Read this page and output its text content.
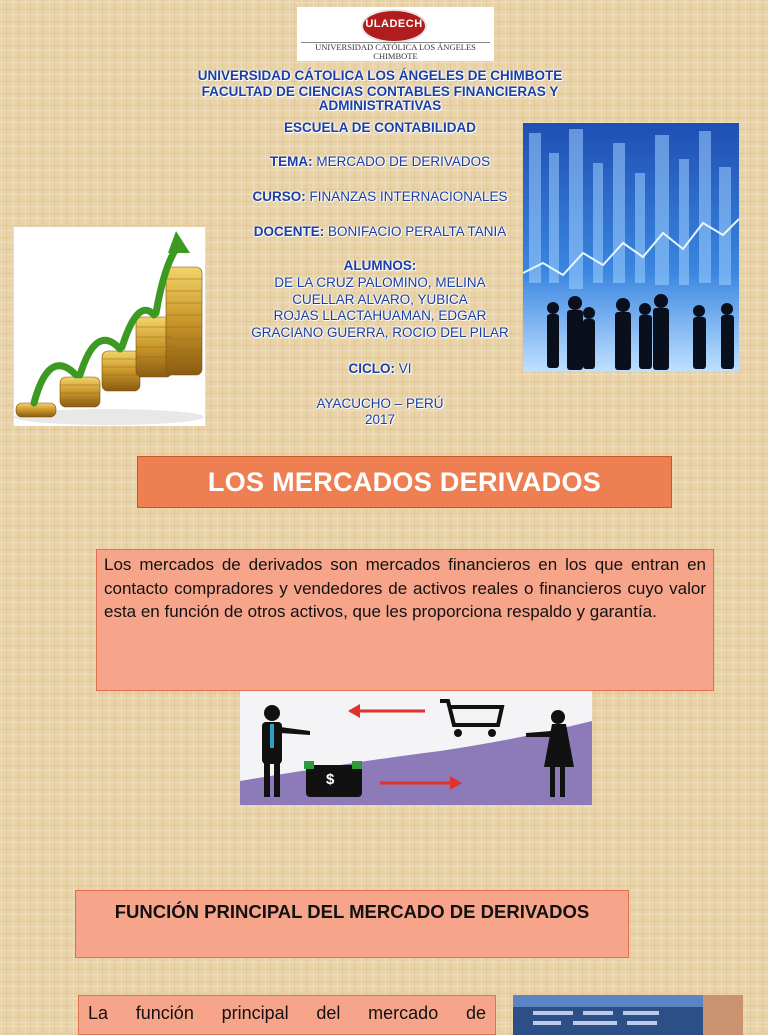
ULADECH
UNIVERSIDAD CATÓLICA LOS ÁNGELES
CHIMBOTE
UNIVERSIDAD CÁTOLICA LOS ÁNGELES DE CHIMBOTE
FACULTAD DE CIENCIAS CONTABLES FINANCIERAS Y ADMINISTRATIVAS
ESCUELA DE CONTABILIDAD
TEMA: MERCADO DE DERIVADOS
CURSO: FINANZAS INTERNACIONALES
DOCENTE: BONIFACIO PERALTA TANIA
ALUMNOS:
DE LA CRUZ PALOMINO, MELINA
CUELLAR ALVARO, YUBICA
ROJAS LLACTAHUAMAN, EDGAR
GRACIANO GUERRA, ROCIO DEL PILAR
CICLO: VI
AYACUCHO – PERÚ
2017
LOS MERCADOS DERIVADOS
Los mercados de derivados son mercados financieros en los que entran en contacto compradores y vendedores de activos reales o financieros cuyo valor esta en función de otros activos, que les proporciona respaldo y garantía.
$
FUNCIÓN PRINCIPAL DEL MERCADO DE DERIVADOS
La función principal del mercado de
